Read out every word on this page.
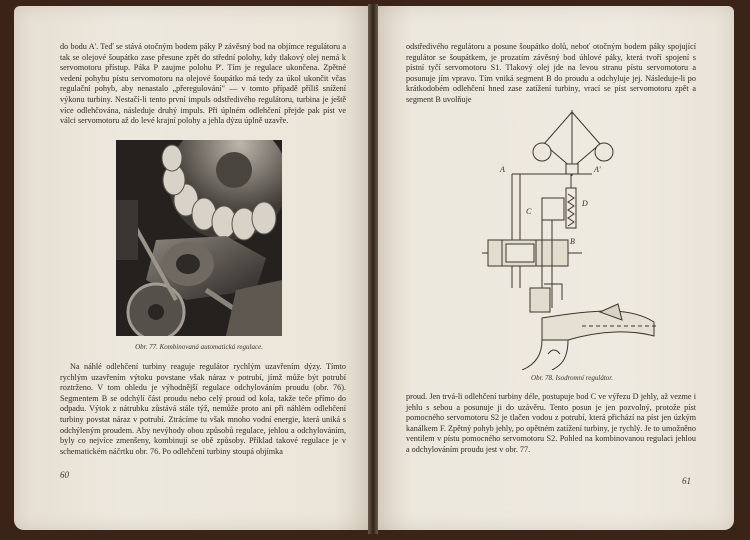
do bodu A'. Teď se stává otočným bodem páky P závěsný bod na objímce regulátoru a tak se olejové šoupátko zase přesune zpět do střední polohy, kdy tlakový olej nemá k servomotoru přístup. Páka P zaujme polohu P'. Tím je regulace ukončena. Zpětné vedení pohybu pístu servomotoru na olejové šoupátko má tedy za úkol ukončit včas regulační pohyb, aby nenastalo „přeregulování" — v tomto případě příliš snížení výkonu turbiny. Nestačí-li tento první impuls odstředivého regulátoru, turbina je ještě více odlehčována, následuje druhý impuls. Při úplném odlehčení přejde pak píst ve válci servomotoru až do levé krajní polohy a jehla dýzu úplně uzavře.

Obr. 77. Kombinovaná automatická regulace.

Na náhlé odlehčení turbiny reaguje regulátor rychlým uzavřením dýzy. Tímto rychlým uzavřením výtoku povstane však náraz v potrubí, jímž může být potrubí roztrženo. V tom ohledu je výhodnější regulace odchylováním proudu (obr. 76). Segmentem B se odchýlí část proudu nebo celý proud od kola, takže teče přímo do odpadu. Výtok z nátrubku zůstává stále týž, nemůže proto ani při náhlém odlehčení turbiny povstat náraz v potrubí. Ztrácíme tu však mnoho vodní energie, která uniká s odchýleným proudem. Aby nevýhody obou způsobů regulace, jehlou a odchylováním, byly co nejvíce zmenšeny, kombinují se obě způsoby. Příklad takové regulace je v schematickém náčrtku obr. 76. Po odlehčení turbiny stoupá objímka

60

odstředivého regulátoru a posune šoupátko dolů, neboť otočným bodem páky spojující regulátor se šoupátkem, je prozatím závěsný bod úhlové páky, která tvoří spojení s pístní tyčí servomotoru S1. Tlakový olej jde na levou stranu pístu servomotoru a posunuje jím vpravo. Tím vniká segment B do proudu a odchyluje jej. Následuje-li po krátkodobém odlehčení hned zase zatížení turbiny, vrací se píst servomotoru zpět a segment B uvolňuje

A	A'
C
D
B

Obr. 78. Isodromní regulátor.

proud. Jen trvá-li odlehčení turbiny déle, postupuje bod C ve výřezu D jehly, až vezme i jehlu s sebou a posunuje ji do uzávěru. Tento posun je jen pozvolný, protože píst pomocného servomotoru S2 je tlačen vodou z potrubí, která přichází na píst jen úzkým kanálkem F. Zpětný pohyb jehly, po opětném zatížení turbiny, je rychlý. Je to umožněno ventilem v pístu pomocného servomotoru S2. Pohled na kombinovanou regulaci jehlou a odchylováním proudu jest v obr. 77.

61
